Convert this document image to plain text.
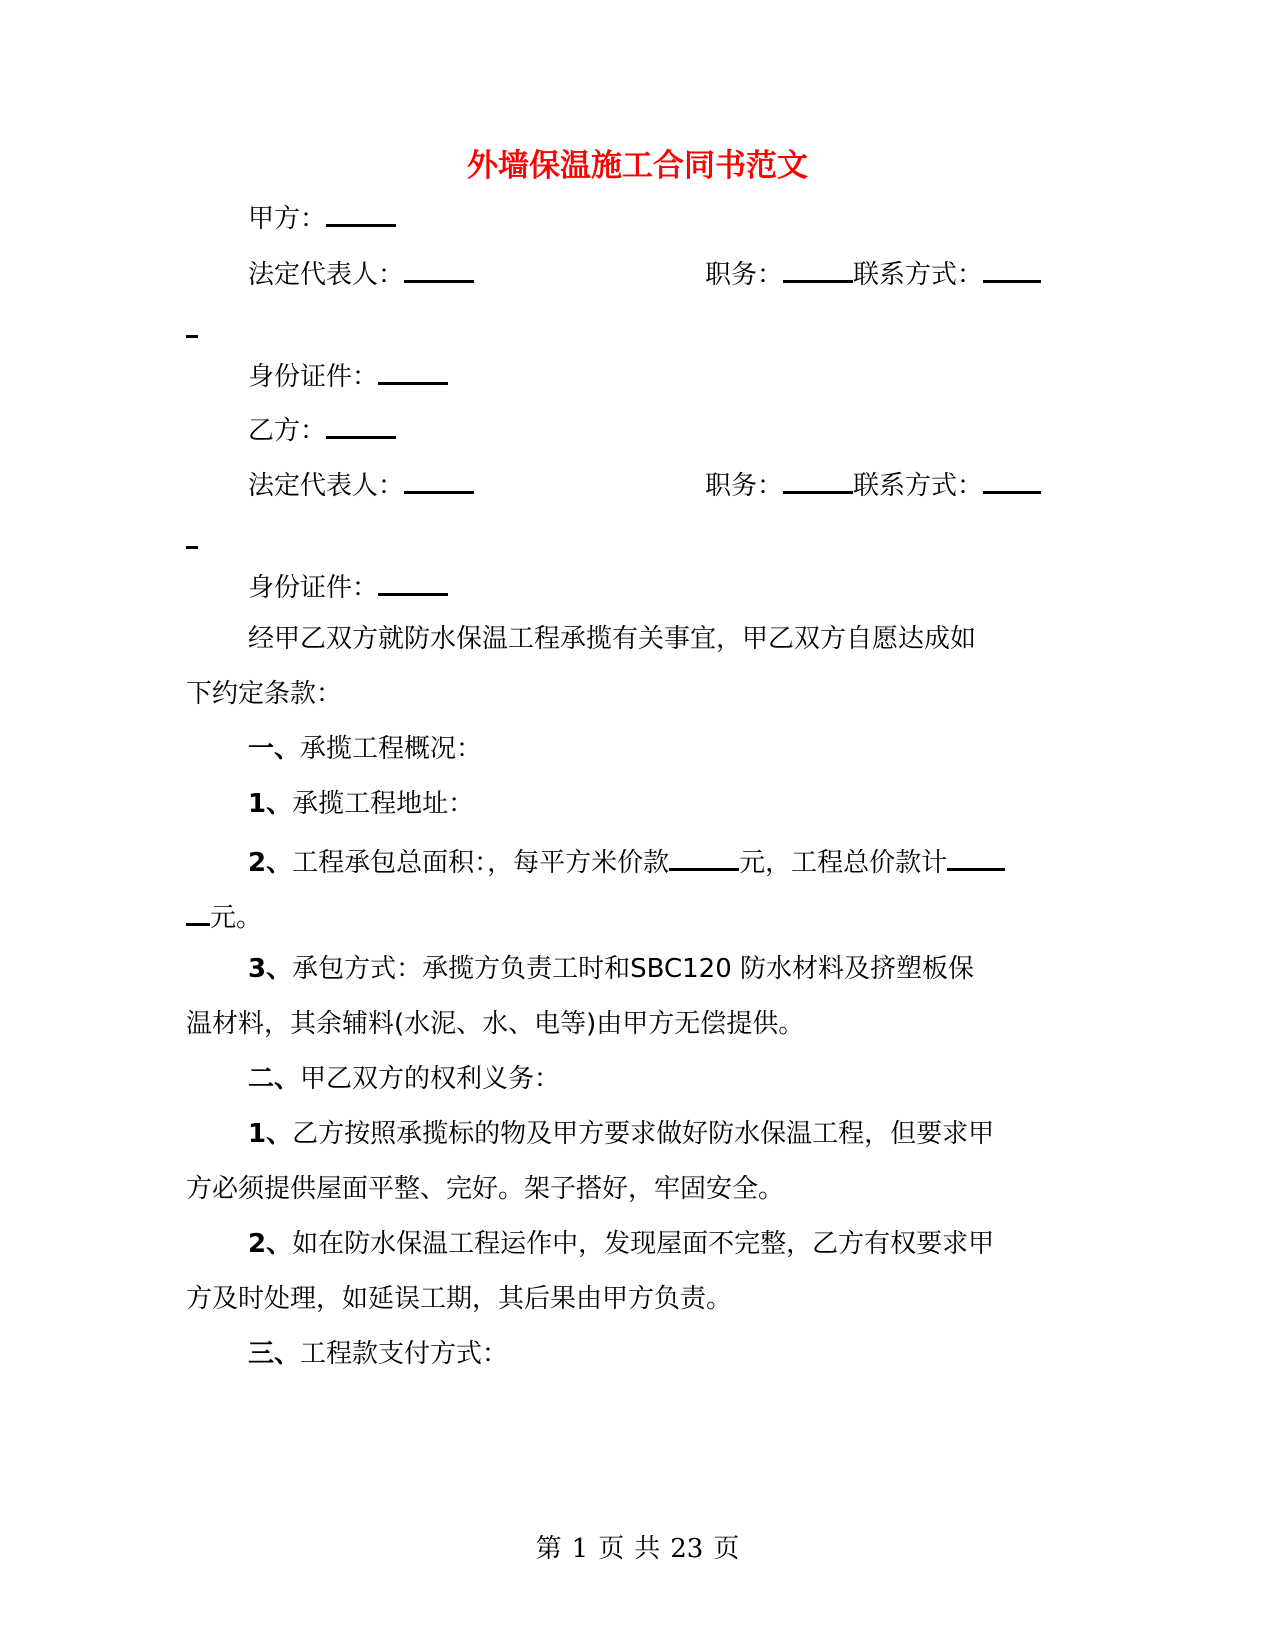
外墙保温施工合同书范文
甲方：
法定代表人：	职务：	联系方式：
身份证件：
乙方：
法定代表人：	职务：	联系方式：
身份证件：
经甲乙双方就防水保温工程承揽有关事宜，甲乙双方自愿达成如
下约定条款：
一、承揽工程概况：
1、承揽工程地址：
2、工程承包总面积：，每平方米价款	元，工程总价款计
元。
3、承包方式：承揽方负责工时和SBC120 防水材料及挤塑板保
温材料，其余辅料(水泥、水、电等)由甲方无偿提供。
二、甲乙双方的权利义务：
1、乙方按照承揽标的物及甲方要求做好防水保温工程，但要求甲
方必须提供屋面平整、完好。架子搭好，牢固安全。
2、如在防水保温工程运作中，发现屋面不完整，乙方有权要求甲
方及时处理，如延误工期，其后果由甲方负责。
三、工程款支付方式：
第 1 页 共 23 页
